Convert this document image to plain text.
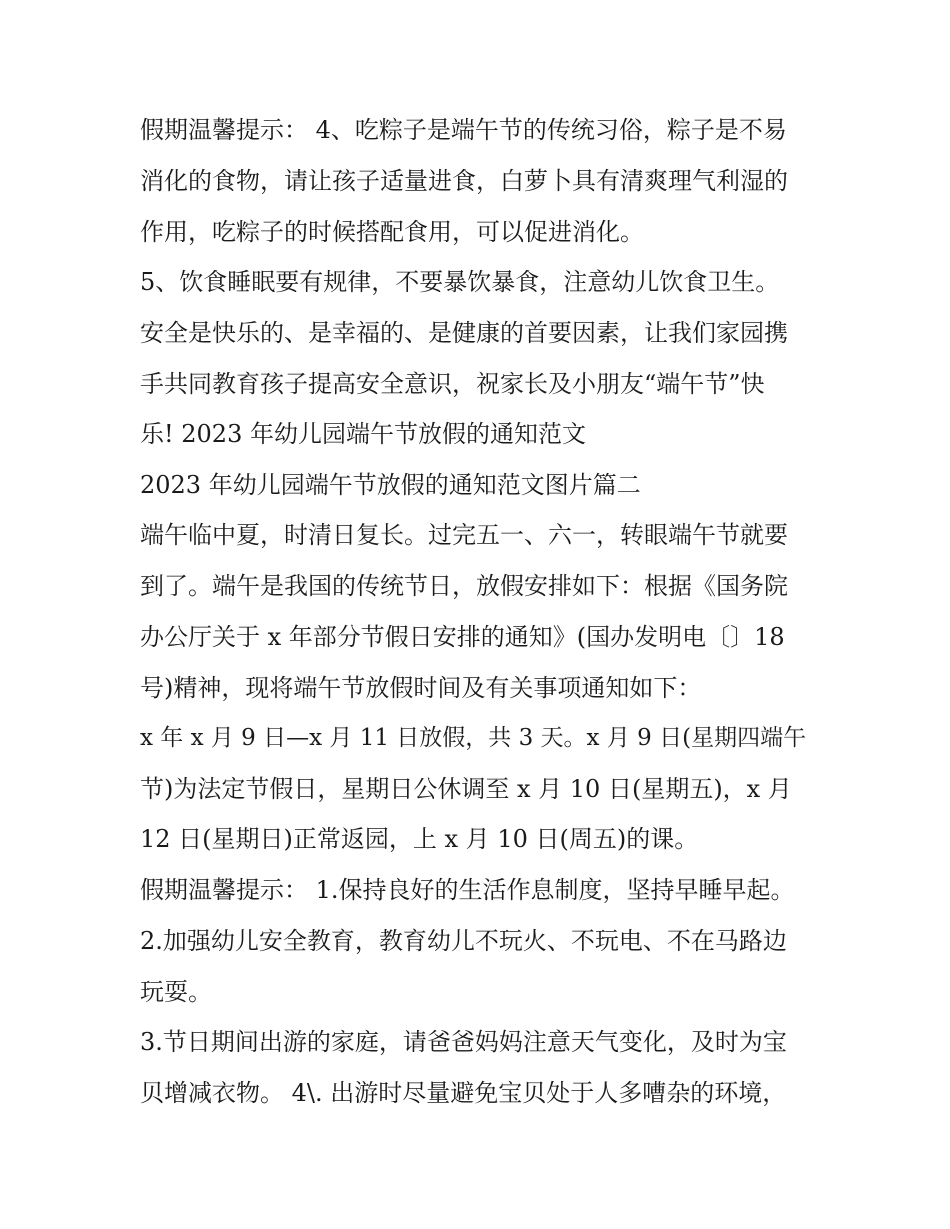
假期温馨提示： 4、吃粽子是端午节的传统习俗，粽子是不易
消化的食物，请让孩子适量进食，白萝卜具有清爽理气利湿的
作用，吃粽子的时候搭配食用，可以促进消化。
5、饮食睡眠要有规律，不要暴饮暴食，注意幼儿饮食卫生。
安全是快乐的、是幸福的、是健康的首要因素，让我们家园携
手共同教育孩子提高安全意识，祝家长及小朋友“端午节”快
乐! 2023 年幼儿园端午节放假的通知范文
2023 年幼儿园端午节放假的通知范文图片篇二
端午临中夏，时清日复长。过完五一、六一，转眼端午节就要
到了。端午是我国的传统节日，放假安排如下：根据《国务院
办公厅关于 x 年部分节假日安排的通知》(国办发明电〔〕18
号)精神，现将端午节放假时间及有关事项通知如下：
x 年 x 月 9 日—x 月 11 日放假，共 3 天。x 月 9 日(星期四端午
节)为法定节假日，星期日公休调至 x 月 10 日(星期五)，x 月
12 日(星期日)正常返园，上 x 月 10 日(周五)的课。
假期温馨提示： 1.保持良好的生活作息制度，坚持早睡早起。
2.加强幼儿安全教育，教育幼儿不玩火、不玩电、不在马路边
玩耍。
3.节日期间出游的家庭，请爸爸妈妈注意天气变化，及时为宝
贝增减衣物。 4\. 出游时尽量避免宝贝处于人多嘈杂的环境，
